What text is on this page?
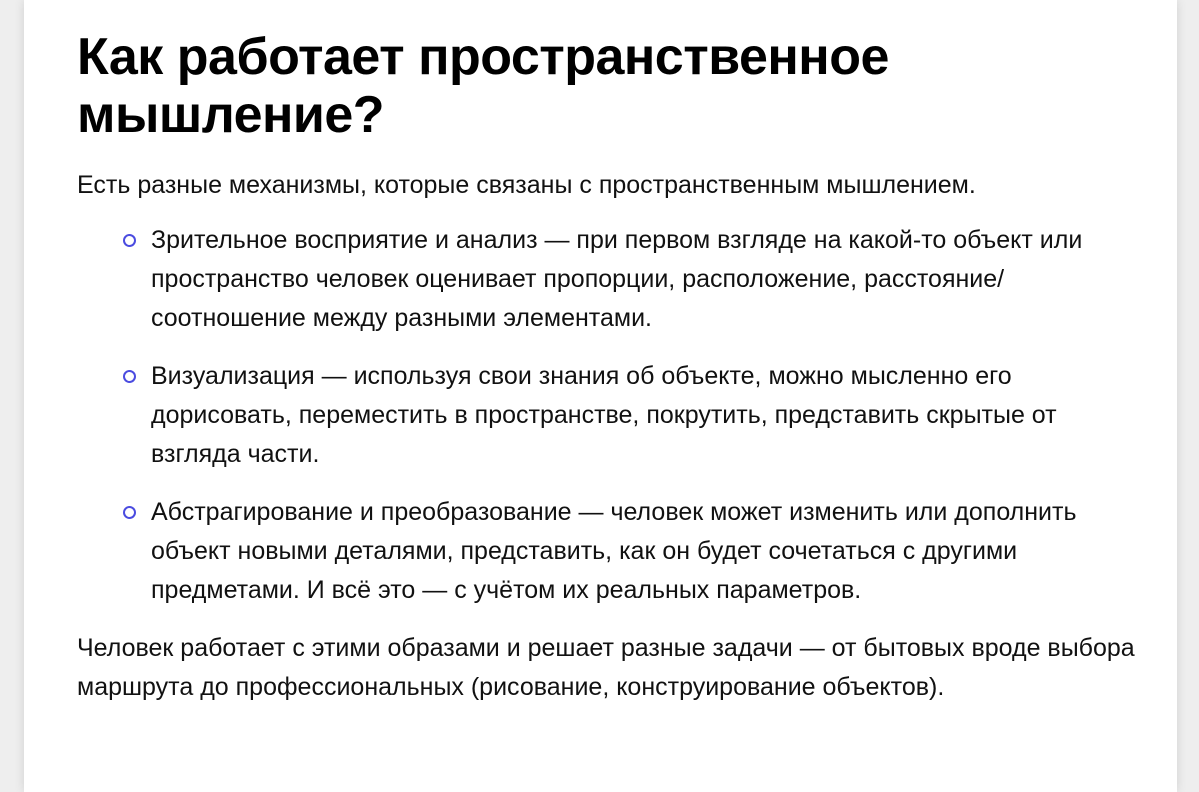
Как работает пространственное мышление?

Есть разные механизмы, которые связаны с пространственным мышлением.

Зрительное восприятие и анализ — при первом взгляде на какой-то объект или пространство человек оценивает пропорции, расположение, расстояние/соотношение между разными элементами.
Визуализация — используя свои знания об объекте, можно мысленно его дорисовать, переместить в пространстве, покрутить, представить скрытые от взгляда части.
Абстрагирование и преобразование — человек может изменить или дополнить объект новыми деталями, представить, как он будет сочетаться с другими предметами. И всё это — с учётом их реальных параметров.

Человек работает с этими образами и решает разные задачи — от бытовых вроде выбора маршрута до профессиональных (рисование, конструирование объектов).
